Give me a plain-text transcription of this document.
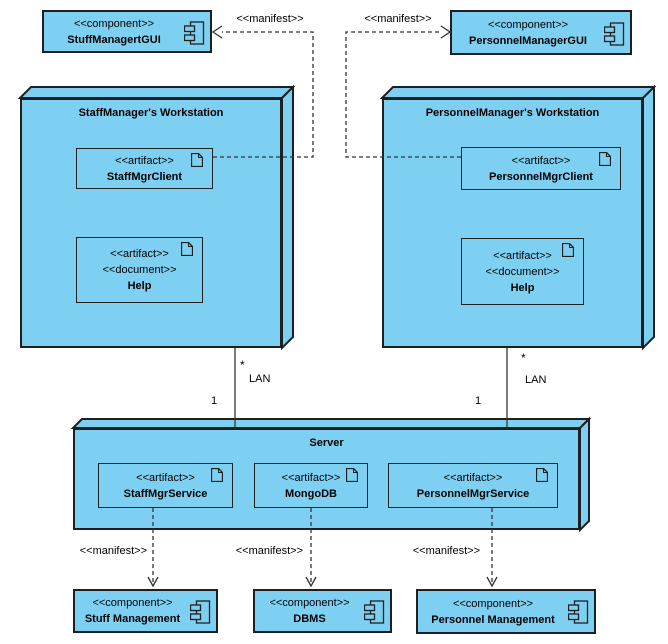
<<component>>
StuffManagertGUI
<<component>>
PersonnelManagerGUI
StaffManager's Workstation	PersonnelManager's Workstation
Server
<<artifact>>
StaffMgrClient
<<artifact>>
<<document>>
Help
<<artifact>>
PersonnelMgrClient
<<artifact>>
<<document>>
Help
<<artifact>>
StaffMgrService
<<artifact>>
MongoDB
<<artifact>>
PersonnelMgrService
<<component>>
Stuff Management
<<component>>
DBMS
<<component>>
Personnel Management
<<manifest>>	<<manifest>>
*
LAN
1
*
LAN
1
<<manifest>>	<<manifest>>	<<manifest>>
